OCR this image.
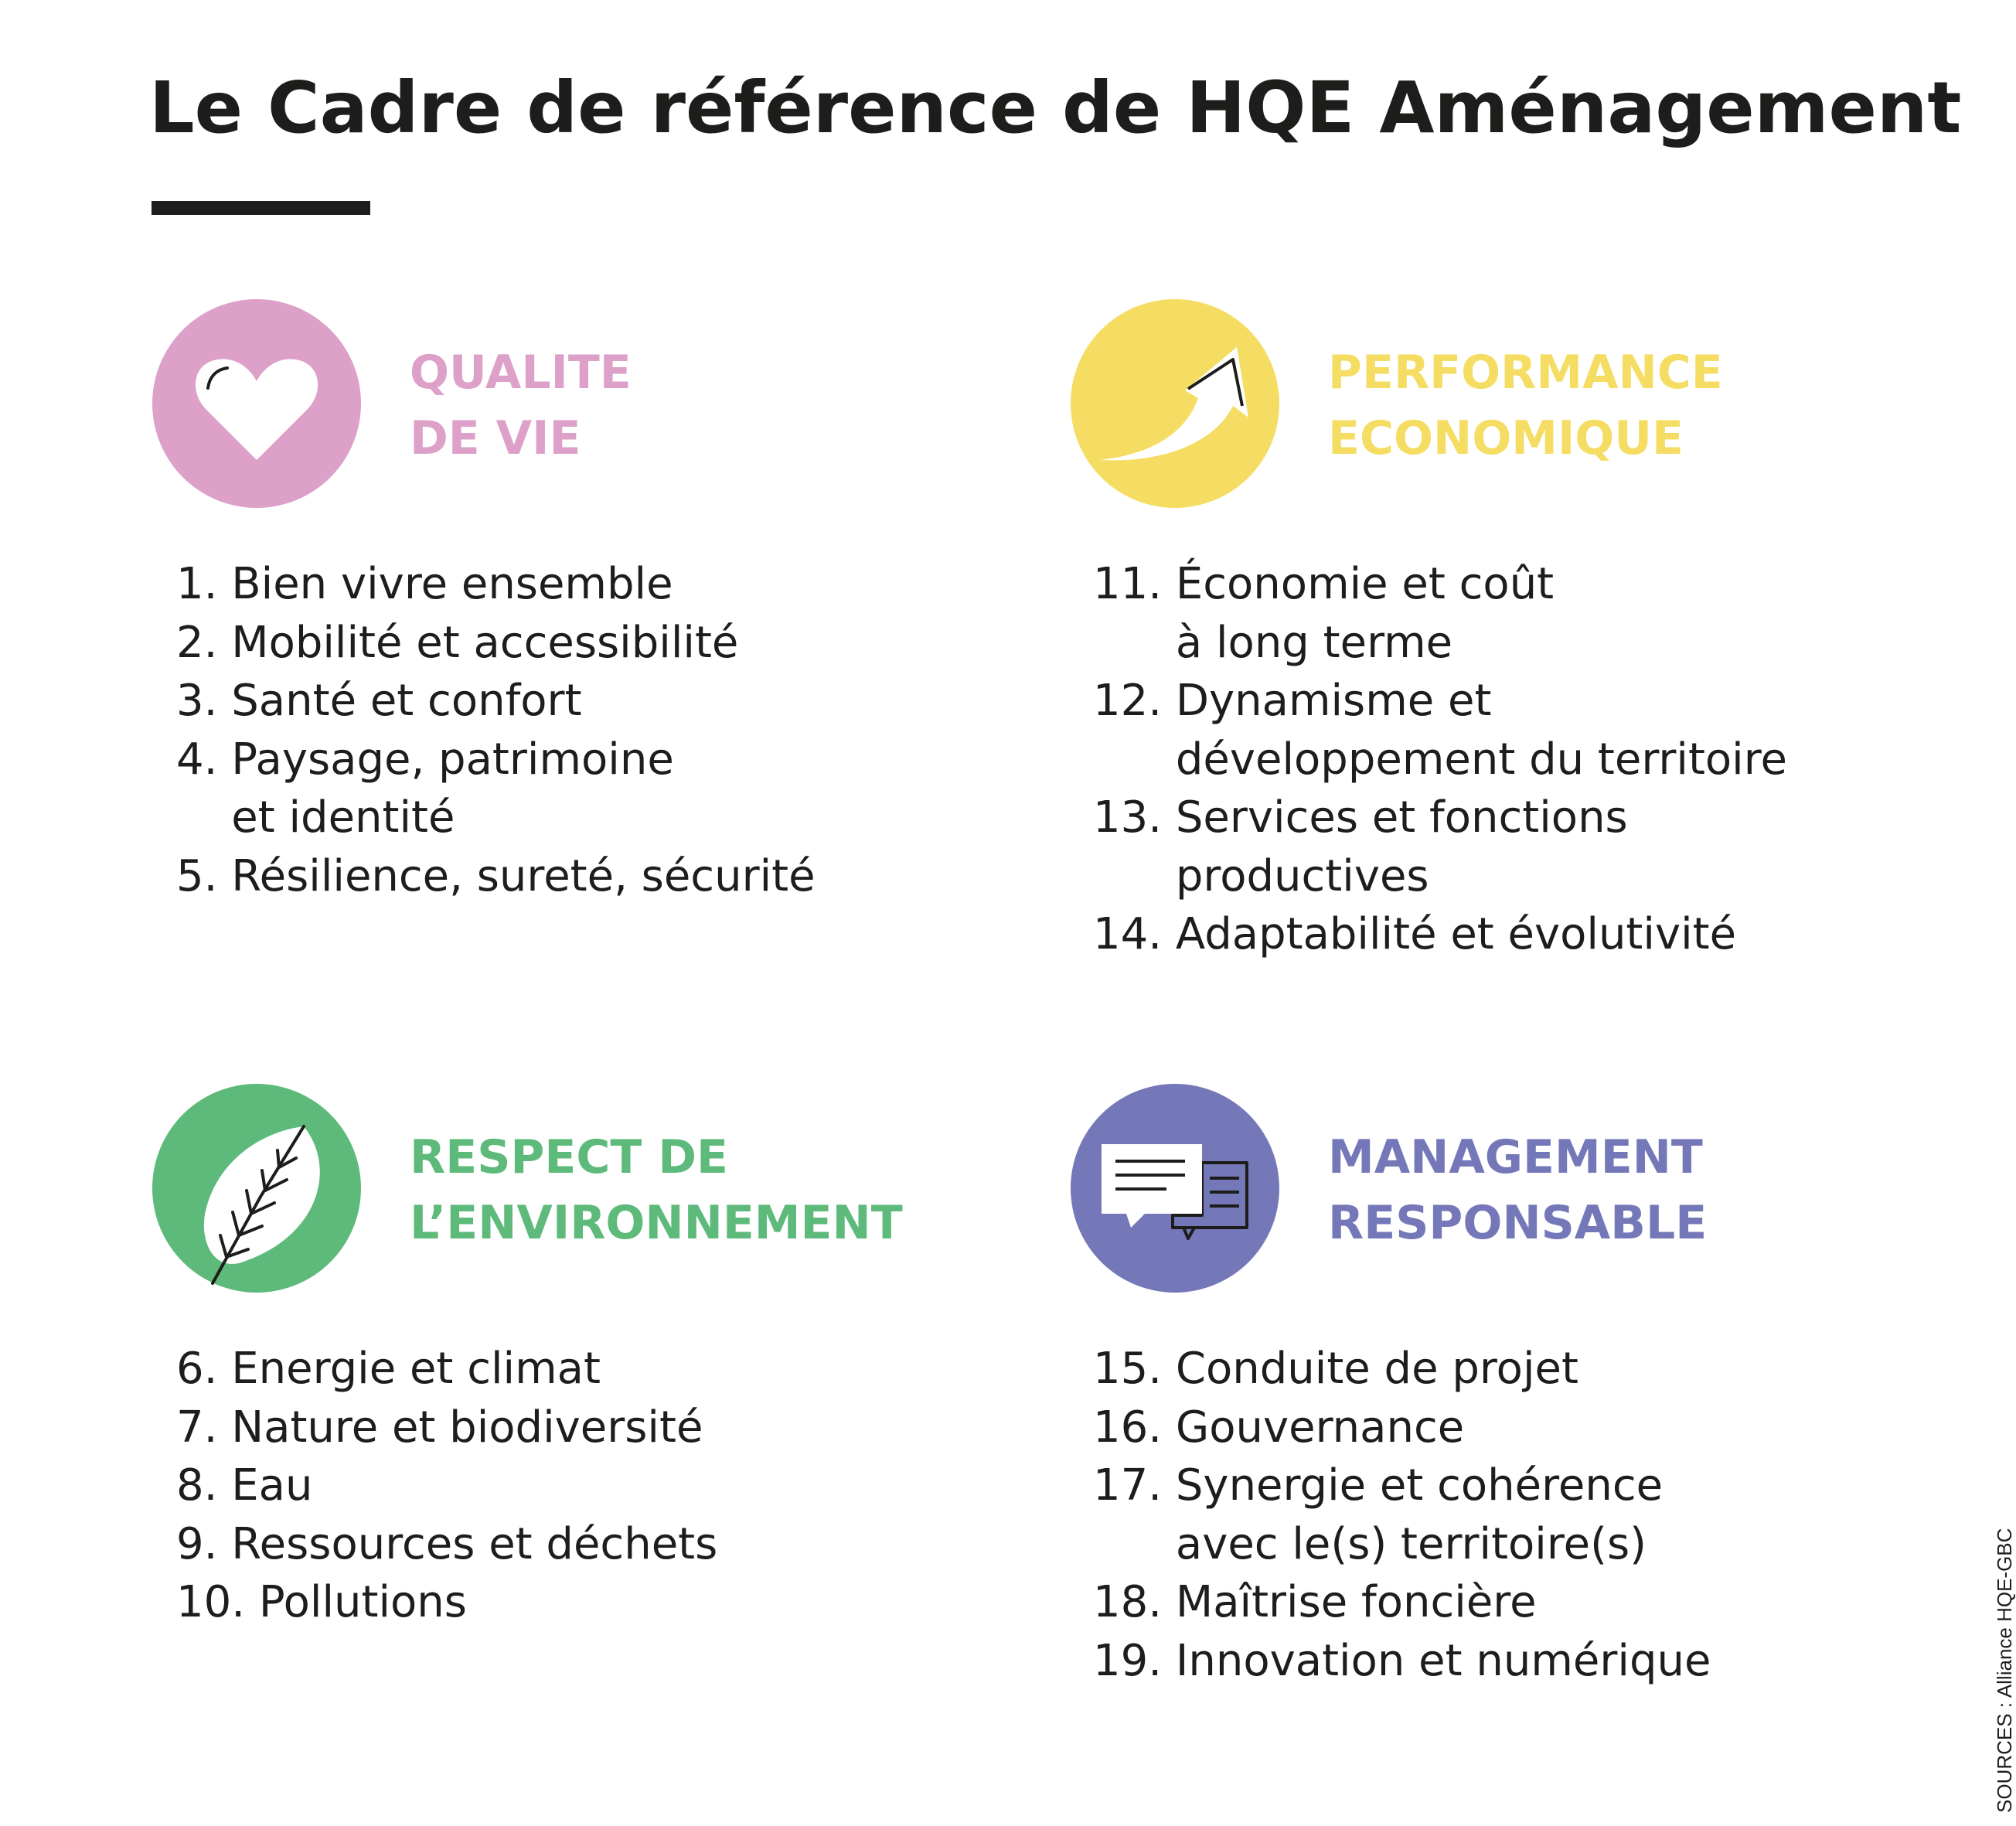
Le Cadre de référence de HQE Aménagement
QUALITE
DE VIE
1. Bien vivre ensemble
2. Mobilité et accessibilité
3. Santé et confort
4. Paysage, patrimoine
et identité
5. Résilience, sureté, sécurité
PERFORMANCE
ECONOMIQUE
11. Économie et coût
à long terme
12. Dynamisme et
développement du territoire
13. Services et fonctions
productives
14. Adaptabilité et évolutivité
RESPECT DE
L’ENVIRONNEMENT
6. Energie et climat
7. Nature et biodiversité
8. Eau
9. Ressources et déchets
10. Pollutions
MANAGEMENT
RESPONSABLE
15. Conduite de projet
16. Gouvernance
17. Synergie et cohérence
avec le(s) territoire(s)
18. Maîtrise foncière
19. Innovation et numérique	SOURCES : Alliance HQE-GBC
